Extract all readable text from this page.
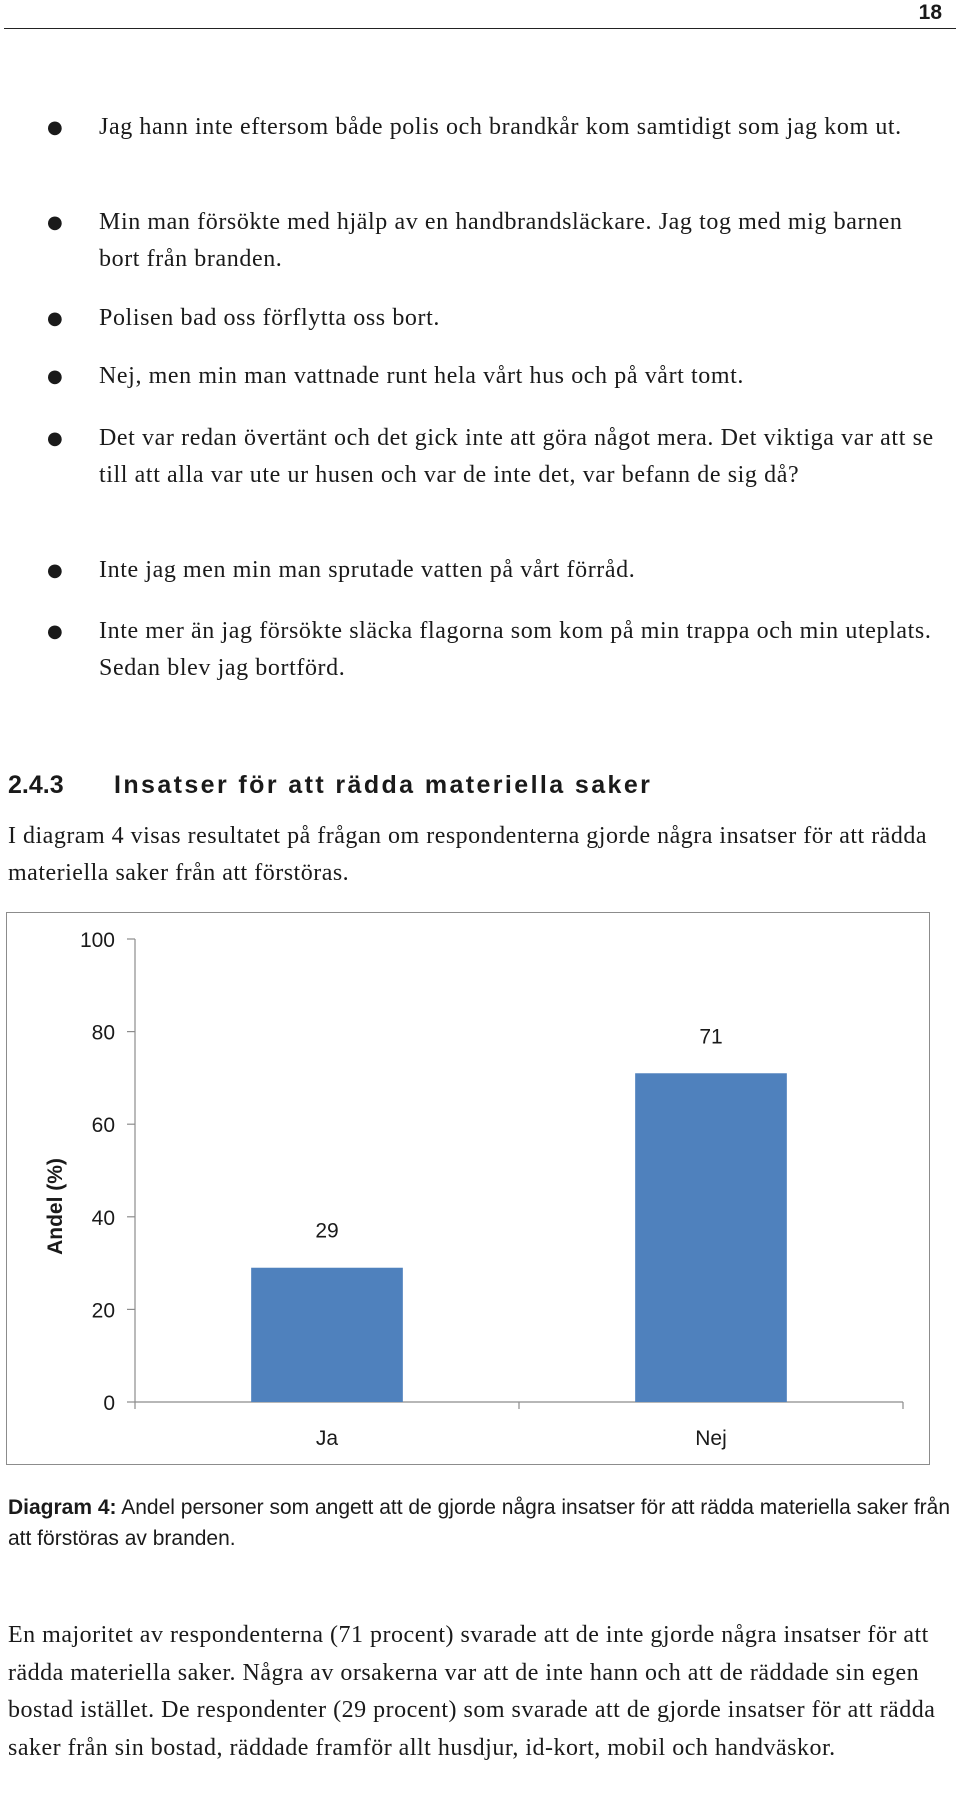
18
● Jag hann inte eftersom både polis och brandkår kom samtidigt som jag kom ut.
● Min man försökte med hjälp av en handbrandsläckare. Jag tog med mig barnen bort från branden.
● Polisen bad oss förflytta oss bort.
● Nej, men min man vattnade runt hela vårt hus och på vårt tomt.
● Det var redan övertänt och det gick inte att göra något mera. Det viktiga var att se till att alla var ute ur husen och var de inte det, var befann de sig då?
● Inte jag men min man sprutade vatten på vårt förråd.
● Inte mer än jag försökte släcka flagorna som kom på min trappa och min uteplats. Sedan blev jag bortförd.
2.4.3 Insatser för att rädda materiella saker
I diagram 4 visas resultatet på frågan om respondenterna gjorde några insatser för att rädda materiella saker från att förstöras.
0
20
40
60
80
100
29
Ja
71
Nej
Andel (%)
Diagram 4: Andel personer som angett att de gjorde några insatser för att rädda materiella saker från att förstöras av branden.
En majoritet av respondenterna (71 procent) svarade att de inte gjorde några insatser för att rädda materiella saker. Några av orsakerna var att de inte hann och att de räddade sin egen bostad istället. De respondenter (29 procent) som svarade att de gjorde insatser för att rädda saker från sin bostad, räddade framför allt husdjur, id-kort, mobil och handväskor.
